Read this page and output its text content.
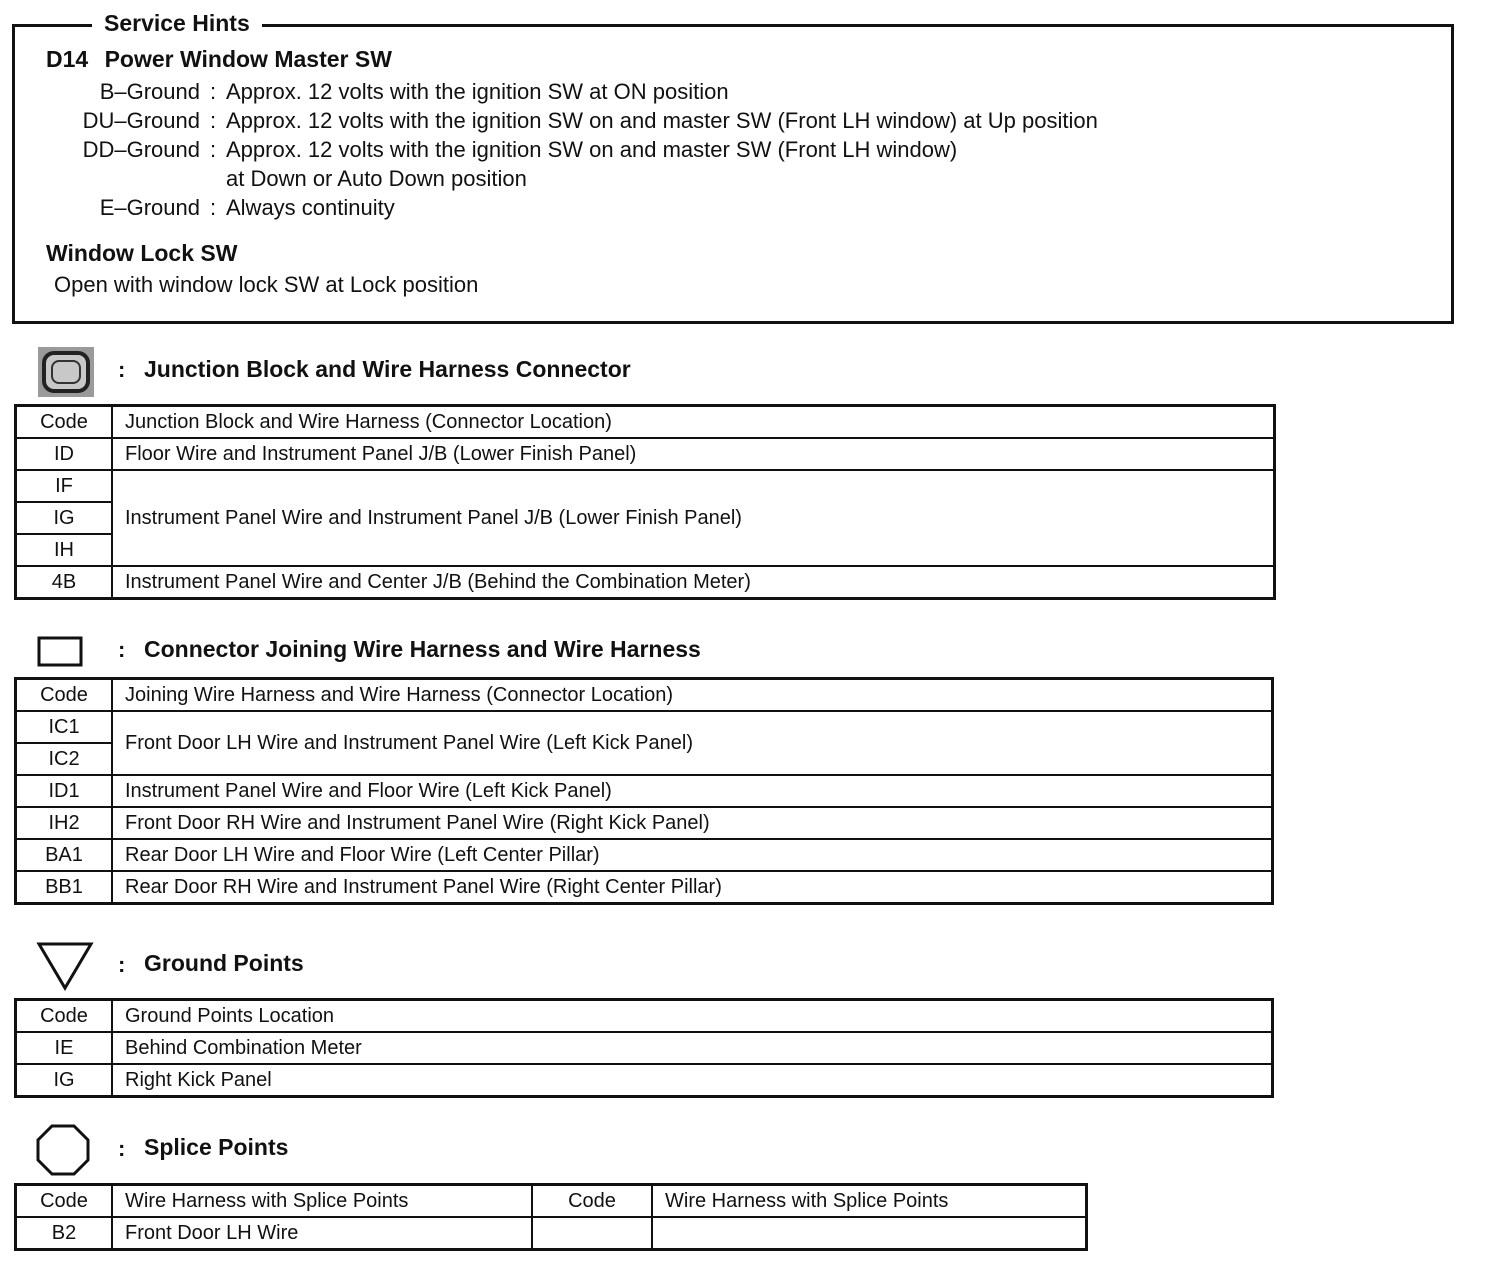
Service Hints
D14 Power Window Master SW
B–Ground : Approx. 12 volts with the ignition SW at ON position
DU–Ground : Approx. 12 volts with the ignition SW on and master SW (Front LH window) at Up position
DD–Ground : Approx. 12 volts with the ignition SW on and master SW (Front LH window)
at Down or Auto Down position
E–Ground : Always continuity
Window Lock SW
Open with window lock SW at Lock position
: Junction Block and Wire Harness Connector
Code	Junction Block and Wire Harness (Connector Location)
ID	Floor Wire and Instrument Panel J/B (Lower Finish Panel)
IF	Instrument Panel Wire and Instrument Panel J/B (Lower Finish Panel)
IG	
IH	
4B	Instrument Panel Wire and Center J/B (Behind the Combination Meter)
: Connector Joining Wire Harness and Wire Harness
Code	Joining Wire Harness and Wire Harness (Connector Location)
IC1	Front Door LH Wire and Instrument Panel Wire (Left Kick Panel)
IC2	
ID1	Instrument Panel Wire and Floor Wire (Left Kick Panel)
IH2	Front Door RH Wire and Instrument Panel Wire (Right Kick Panel)
BA1	Rear Door LH Wire and Floor Wire (Left Center Pillar)
BB1	Rear Door RH Wire and Instrument Panel Wire (Right Center Pillar)
: Ground Points
Code	Ground Points Location
IE	Behind Combination Meter
IG	Right Kick Panel
: Splice Points
Code	Wire Harness with Splice Points	Code	Wire Harness with Splice Points
B2	Front Door LH Wire		
